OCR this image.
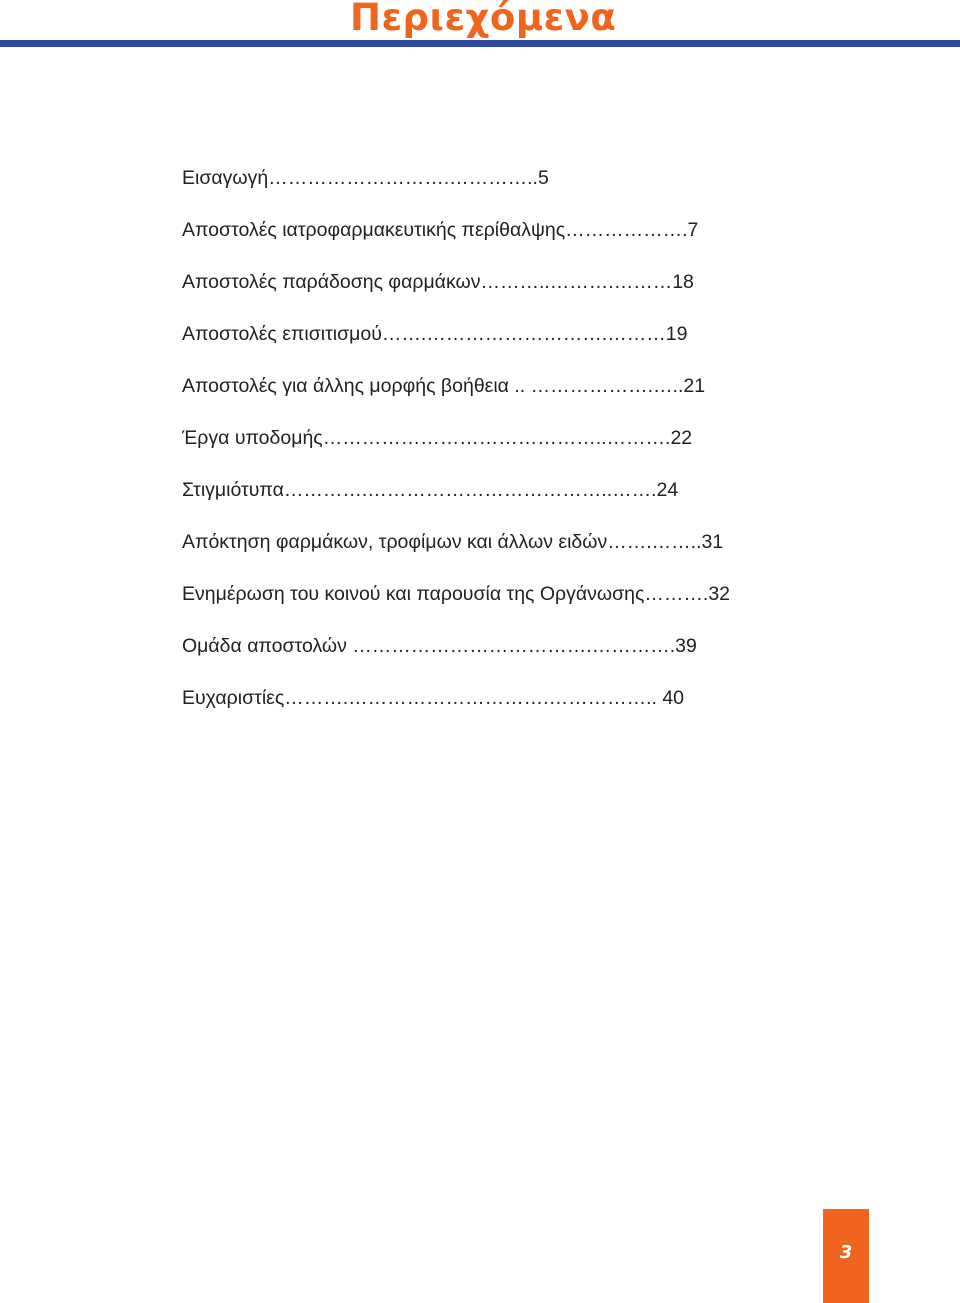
Περιεχόμενα
Εισαγωγή……………………….…………..5
Αποστολές ιατροφαρμακευτικής περίθαλψης……………….7
Αποστολές παράδοσης φαρμάκων………..……….………18
Αποστολές επισιτισμού…….……………………….………19
Αποστολές για άλλης μορφής βοήθεια .. ……………….…..21
Έργα υποδομής……………………………………..……….22
Στιγμιότυπα………….………………………………..…….24
Απόκτηση φαρμάκων, τροφίμων και άλλων ειδών…….……..31
Ενημέρωση του κοινού και παρουσία της Οργάνωσης……….32
Ομάδα αποστολών ……………………………….………….39
Ευχαριστίες……….………………………….…………….. 40
3
